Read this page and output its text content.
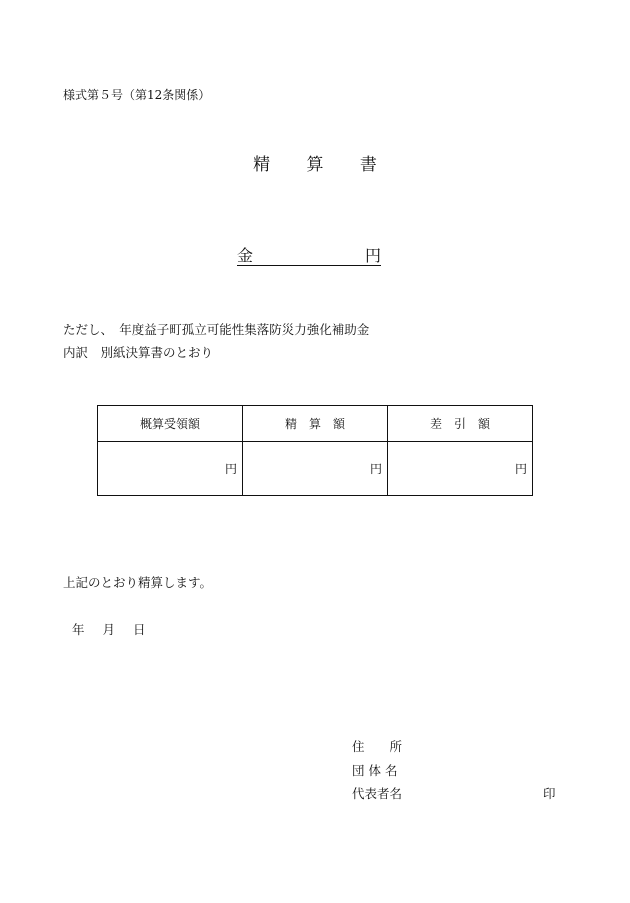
様式第５号（第12条関係）
精 算 書
金	円
ただし、　年度益子町孤立可能性集落防災力強化補助金
内訳　別紙決算書のとおり
概算受領額	精　算　額	差　引　額
円	円	円
上記のとおり精算します。
年 月 日
住　　所
団 体 名
代表者名	印
